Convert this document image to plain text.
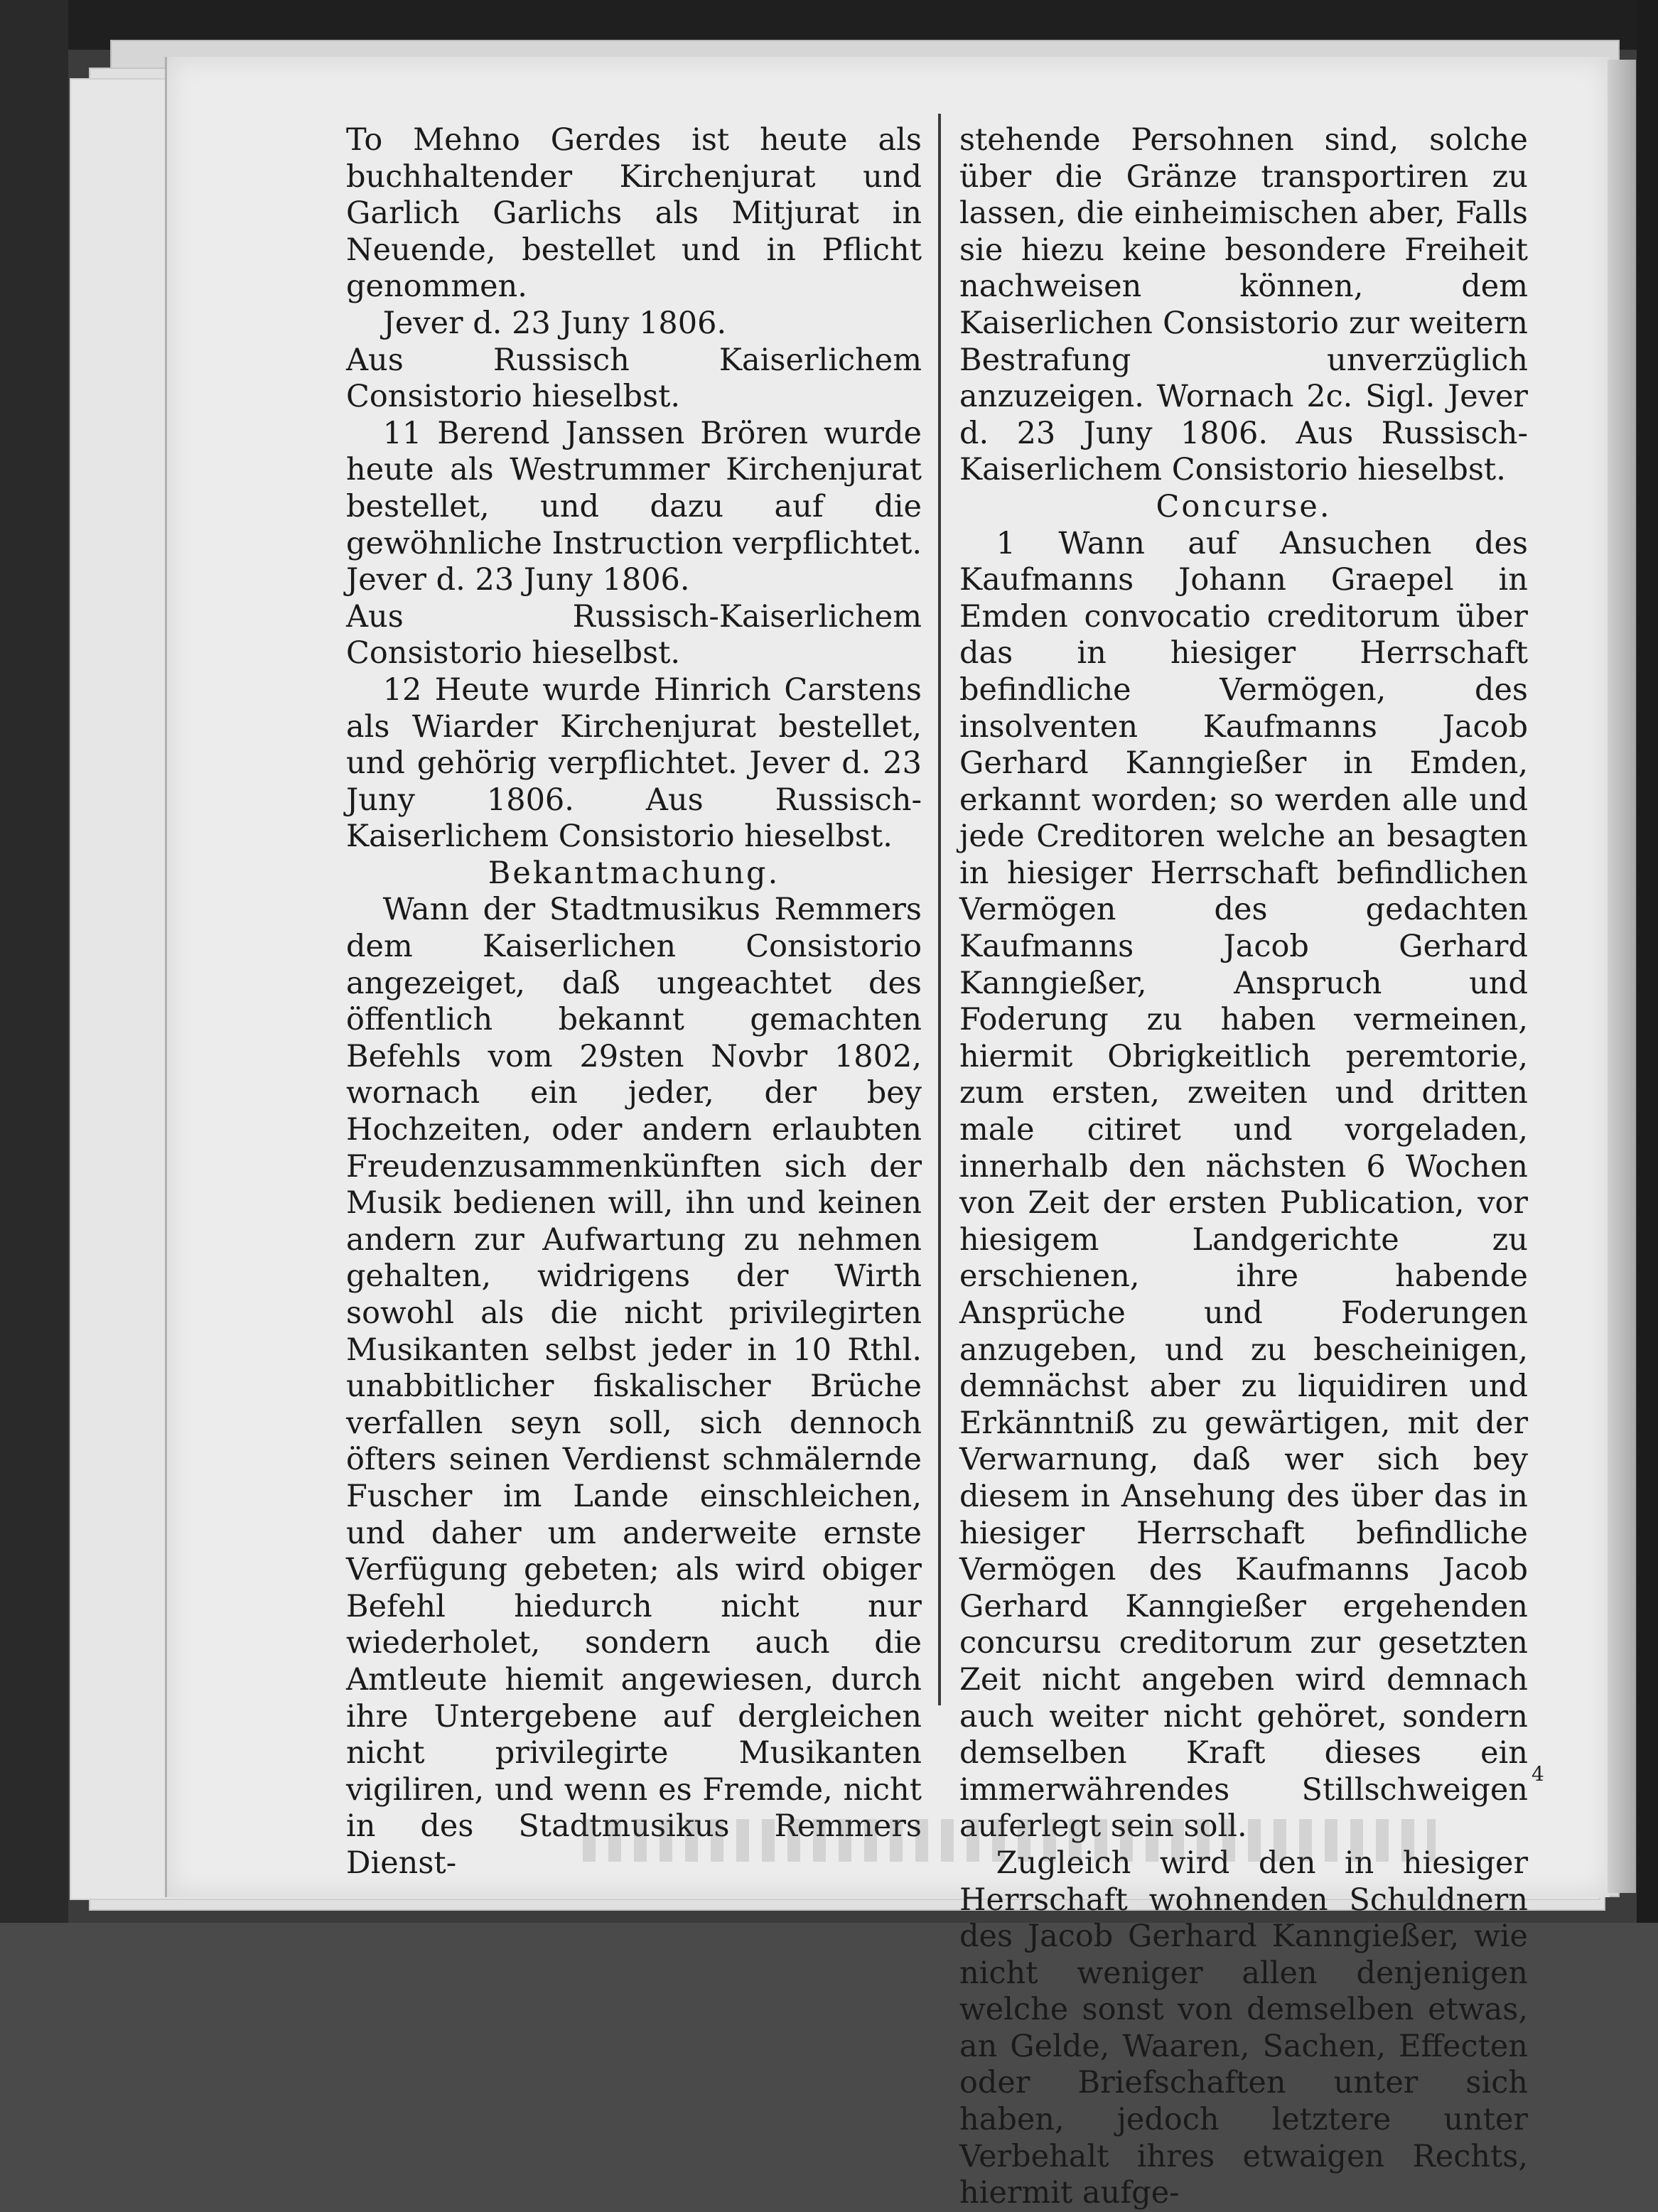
To Mehno Gerdes ist heute als buchhaltender Kirchenjurat und Garlich Garlichs als Mitjurat in Neuende, bestellet und in Pflicht genommen.
Jever d. 23 Juny 1806.
Aus Russisch Kaiserlichem Consistorio hieselbst.
11 Berend Janssen Brören wurde heute als Westrummer Kirchenjurat bestellet, und dazu auf die gewöhnliche Instruction verpflichtet. Jever d. 23 Juny 1806.
Aus Russisch-Kaiserlichem Consistorio hieselbst.
12 Heute wurde Hinrich Carstens als Wiarder Kirchenjurat bestellet, und gehörig verpflichtet. Jever d. 23 Juny 1806. Aus Russisch-Kaiserlichem Consistorio hieselbst.
Bekantmachung.
Wann der Stadtmusikus Remmers dem Kaiserlichen Consistorio angezeiget, daß ungeachtet des öffentlich bekannt gemachten Befehls vom 29sten Novbr 1802, wornach ein jeder, der bey Hochzeiten, oder andern erlaubten Freudenzusammenkünften sich der Musik bedienen will, ihn und keinen andern zur Aufwartung zu nehmen gehalten, widrigens der Wirth sowohl als die nicht privilegirten Musikanten selbst jeder in 10 Rthl. unabbitlicher fiskalischer Brüche verfallen seyn soll, sich dennoch öfters seinen Verdienst schmälernde Fuscher im Lande einschleichen, und daher um anderweite ernste Verfügung gebeten; als wird obiger Befehl hiedurch nicht nur wiederholet, sondern auch die Amtleute hiemit angewiesen, durch ihre Untergebene auf dergleichen nicht privilegirte Musikanten vigiliren, und wenn es Fremde, nicht in des Stadtmusikus Remmers Dienst-
stehende Persohnen sind, solche über die Gränze transportiren zu lassen, die einheimischen aber, Falls sie hiezu keine besondere Freiheit nachweisen können, dem Kaiserlichen Consistorio zur weitern Bestrafung unverzüglich anzuzeigen. Wornach 2c. Sigl. Jever d. 23 Juny 1806. Aus Russisch-Kaiserlichem Consistorio hieselbst.
Concurse.
1 Wann auf Ansuchen des Kaufmanns Johann Graepel in Emden convocatio creditorum über das in hiesiger Herrschaft befindliche Vermögen, des insolventen Kaufmanns Jacob Gerhard Kanngießer in Emden, erkannt worden; so werden alle und jede Creditoren welche an besagten in hiesiger Herrschaft befindlichen Vermögen des gedachten Kaufmanns Jacob Gerhard Kanngießer, Anspruch und Foderung zu haben vermeinen, hiermit Obrigkeitlich peremtorie, zum ersten, zweiten und dritten male citiret und vorgeladen, innerhalb den nächsten 6 Wochen von Zeit der ersten Publication, vor hiesigem Landgerichte zu erschienen, ihre habende Ansprüche und Foderungen anzugeben, und zu bescheinigen, demnächst aber zu liquidiren und Erkänntniß zu gewärtigen, mit der Verwarnung, daß wer sich bey diesem in Ansehung des über das in hiesiger Herrschaft befindliche Vermögen des Kaufmanns Jacob Gerhard Kanngießer ergehenden concursu creditorum zur gesetzten Zeit nicht angeben wird demnach auch weiter nicht gehöret, sondern demselben Kraft dieses ein immerwährendes Stillschweigen auferlegt sein soll.
Zugleich wird den in hiesiger Herrschaft wohnenden Schuldnern des Jacob Gerhard Kanngießer, wie nicht weniger allen denjenigen welche sonst von demselben etwas, an Gelde, Waaren, Sachen, Effecten oder Briefschaften unter sich haben, jedoch letztere unter Verbehalt ihres etwaigen Rechts, hiermit aufge-
4
